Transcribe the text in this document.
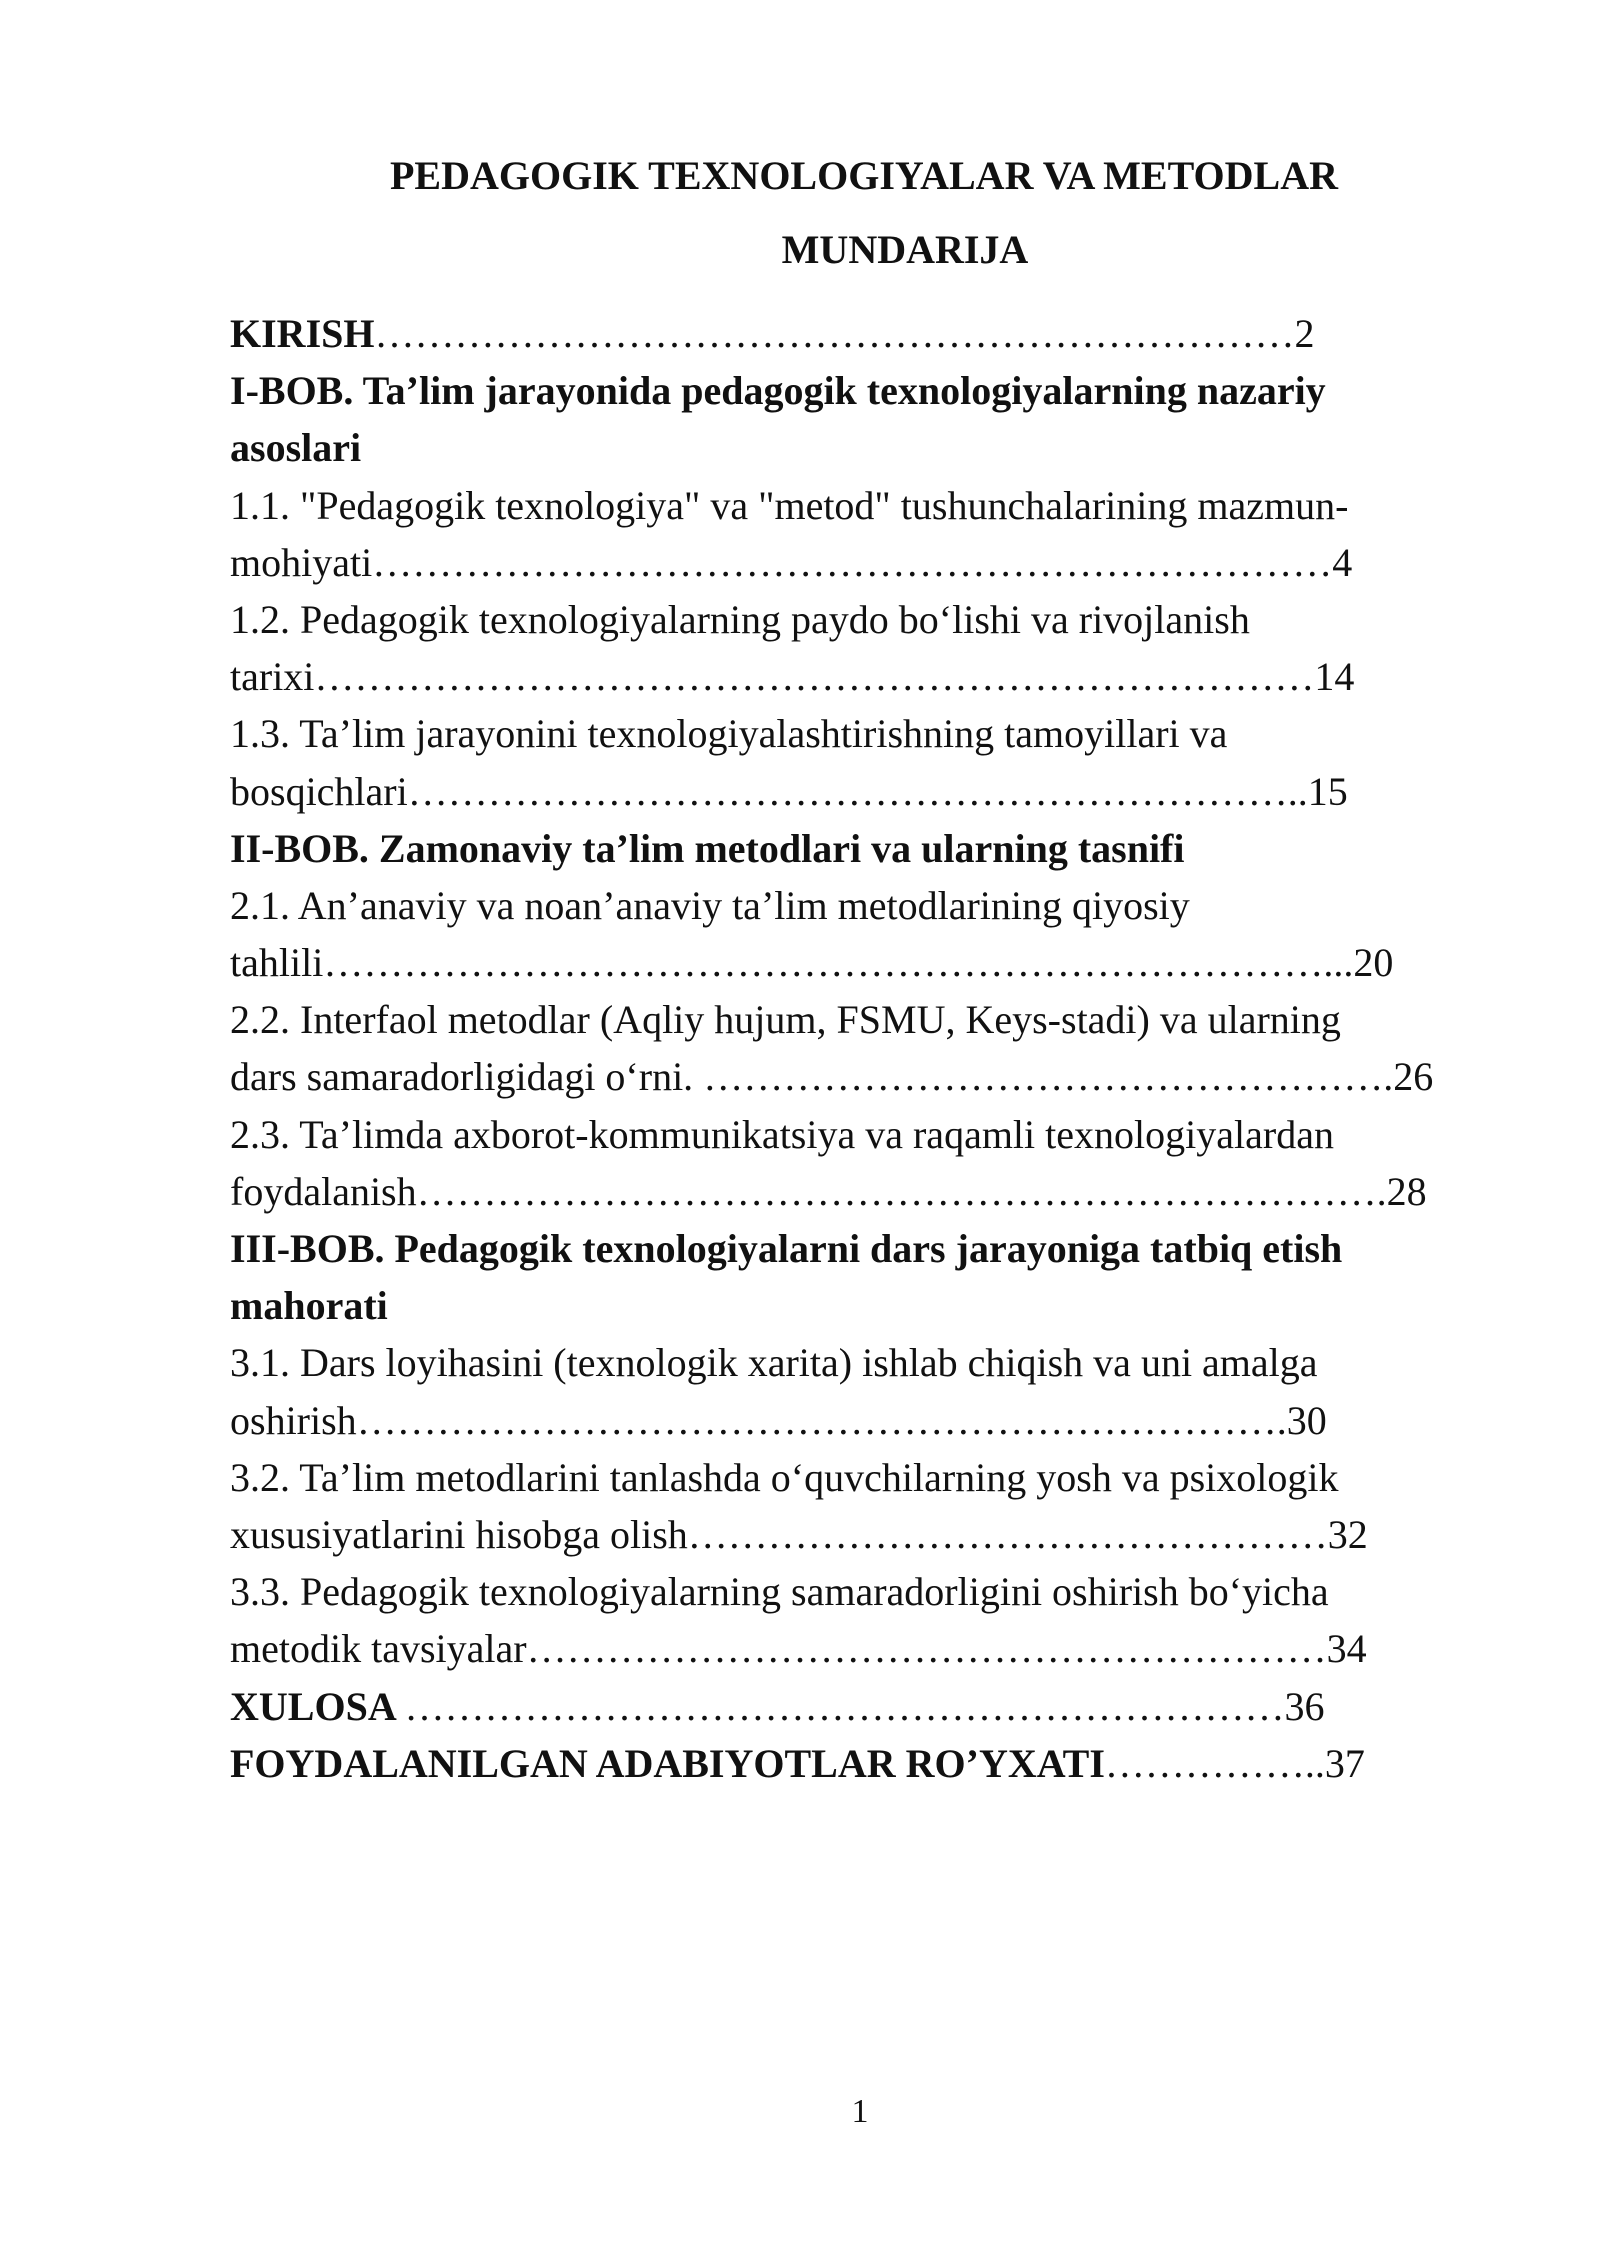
PEDAGOGIK TEXNOLOGIYALAR VA METODLAR
MUNDARIJA
KIRISH……………………………………………………………2
I-BOB. Ta’lim jarayonida pedagogik texnologiyalarning nazariy
asoslari
1.1. "Pedagogik texnologiya" va "metod" tushunchalarining mazmun-
mohiyati………………………………………………………………4
1.2. Pedagogik texnologiyalarning paydo bo‘lishi va rivojlanish
tarixi…………………………………………………………………14
1.3. Ta’lim jarayonini texnologiyalashtirishning tamoyillari va
bosqichlari…………………………………………………………..15
II-BOB. Zamonaviy ta’lim metodlari va ularning tasnifi
2.1. An’anaviy va noan’anaviy ta’lim metodlarining qiyosiy
tahlili…………………………………………………………………...20
2.2. Interfaol metodlar (Aqliy hujum, FSMU, Keys-stadi) va ularning
dars samaradorligidagi o‘rni. …………………………………………….26
2.3. Ta’limda axborot-kommunikatsiya va raqamli texnologiyalardan
foydalanish……………………………………………………………….28
III-BOB. Pedagogik texnologiyalarni dars jarayoniga tatbiq etish
mahorati
3.1. Dars loyihasini (texnologik xarita) ishlab chiqish va uni amalga
oshirish…………………………………………………………….30
3.2. Ta’lim metodlarini tanlashda o‘quvchilarning yosh va psixologik
xususiyatlarini hisobga olish…………………………………………32
3.3. Pedagogik texnologiyalarning samaradorligini oshirish bo‘yicha
metodik tavsiyalar……………………………………………………34
XULOSA …………………………………………………………36
FOYDALANILGAN ADABIYOTLAR RO’YXATI……………..37
1
